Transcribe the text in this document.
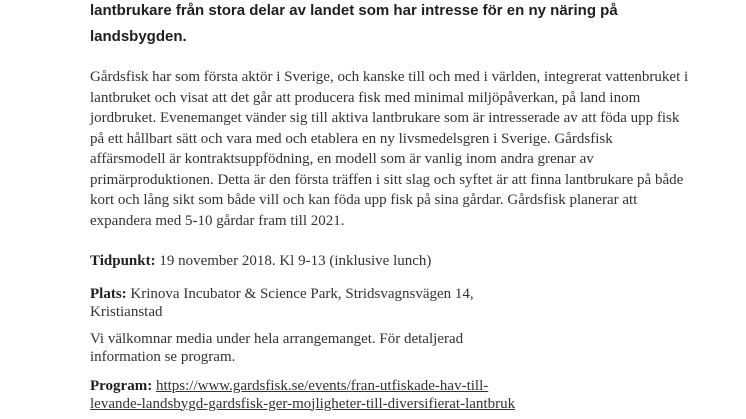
lantbrukare från stora delar av landet som har intresse för en ny näring på landsbygden.

Gårdsfisk har som första aktör i Sverige, och kanske till och med i världen, integrerat vattenbruket i lantbruket och visat att det går att producera fisk med minimal miljöpåverkan, på land inom jordbruket. Evenemanget vänder sig till aktiva lantbrukare som är intresserade av att föda upp fisk på ett hållbart sätt och vara med och etablera en ny livsmedelsgren i Sverige. Gårdsfisk affärsmodell är kontraktsuppfödning, en modell som är vanlig inom andra grenar av primärproduktionen. Detta är den första träffen i sitt slag och syftet är att finna lantbrukare på både kort och lång sikt som både vill och kan föda upp fisk på sina gårdar. Gårdsfisk planerar att expandera med 5-10 gårdar fram till 2021.

Tidpunkt: 19 november 2018. Kl 9-13 (inklusive lunch)

Plats: Krinova Incubator & Science Park, Stridsvagnsvägen 14, Kristianstad

Vi välkomnar media under hela arrangemanget. För detaljerad information se program.

Program: https://www.gardsfisk.se/events/fran-utfiskade-hav-till-levande-landsbygd-gardsfisk-ger-mojligheter-till-diversifierat-lantbruk
